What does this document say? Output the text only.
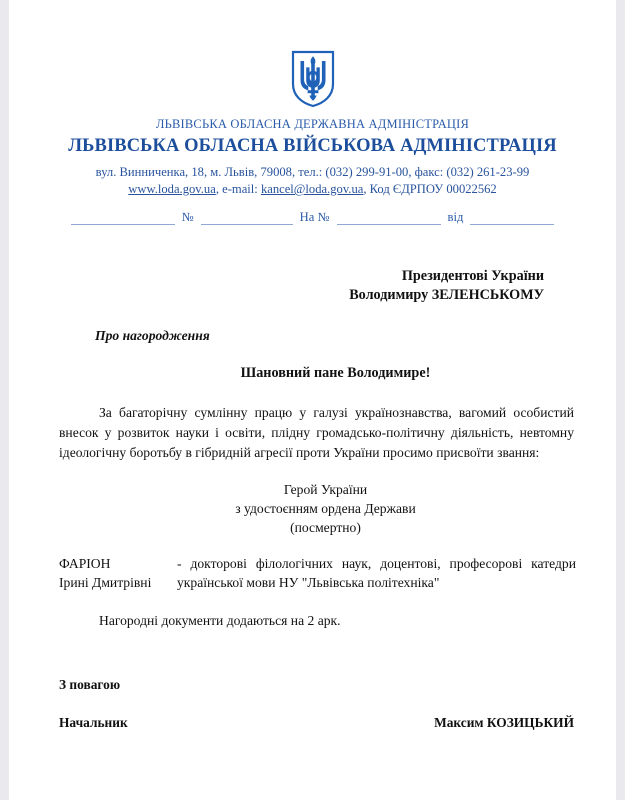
ЛЬВІВСЬКА ОБЛАСНА ДЕРЖАВНА АДМІНІСТРАЦІЯ
ЛЬВІВСЬКА ОБЛАСНА ВІЙСЬКОВА АДМІНІСТРАЦІЯ
вул. Винниченка, 18, м. Львів, 79008, тел.: (032) 299-91-00, факс: (032) 261-23-99
www.loda.gov.ua, e-mail: kancel@loda.gov.ua, Код ЄДРПОУ 00022562
№	На №	від
Президентові України
Володимиру ЗЕЛЕНСЬКОМУ
Про нагородження
Шановний пане Володимире!
За багаторічну сумлінну працю у галузі українознавства, вагомий особистий внесок у розвиток науки і освіти, плідну громадсько-політичну діяльність, невтомну ідеологічну боротьбу в гібридній агресії проти України просимо присвоїти звання:
Герой України
з удостоєнням ордена Держави
(посмертно)
ФАРІОН
Ірині Дмитрівні
- докторові філологічних наук, доцентові, професорові катедри української мови НУ "Львівська політехніка"
Нагородні документи додаються на 2 арк.
З повагою
Начальник	Максим КОЗИЦЬКИЙ
